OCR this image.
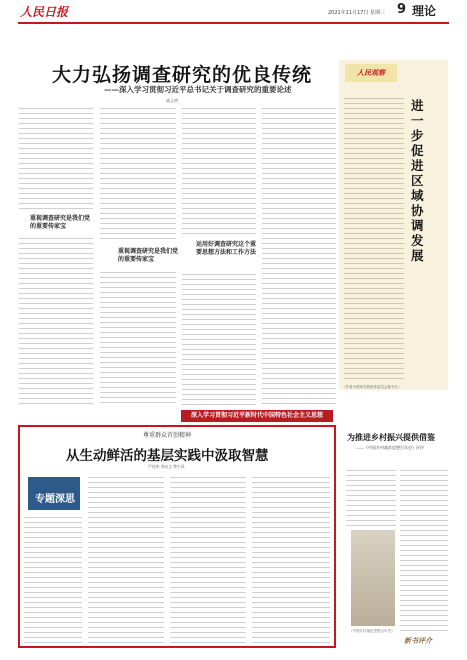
人民日报	2021年11月17日 星期三 9 理论
大力弘扬调查研究的优良传统
——深入学习贯彻习近平总书记关于调查研究的重要论述
戚义明
重视调查研究是我们党的重要传家宝
重视调查研究是我们党的重要传家宝
运用好调查研究这个重要思想方法和工作方法
人民观察
进一步促进区域协调发展
（作者为国家发展改革委员会秘书长）
深入学习贯彻习近平新时代中国特色社会主义思想
尊重群众首创精神
从生动鲜活的基层实践中汲取智慧
严纯华 李向义 曾少凤
专题深思
为推进乡村振兴提供借鉴
——《中国乡村减贫思想百年史》评评
《中国乡村减贫思想百年史》
新书评介
